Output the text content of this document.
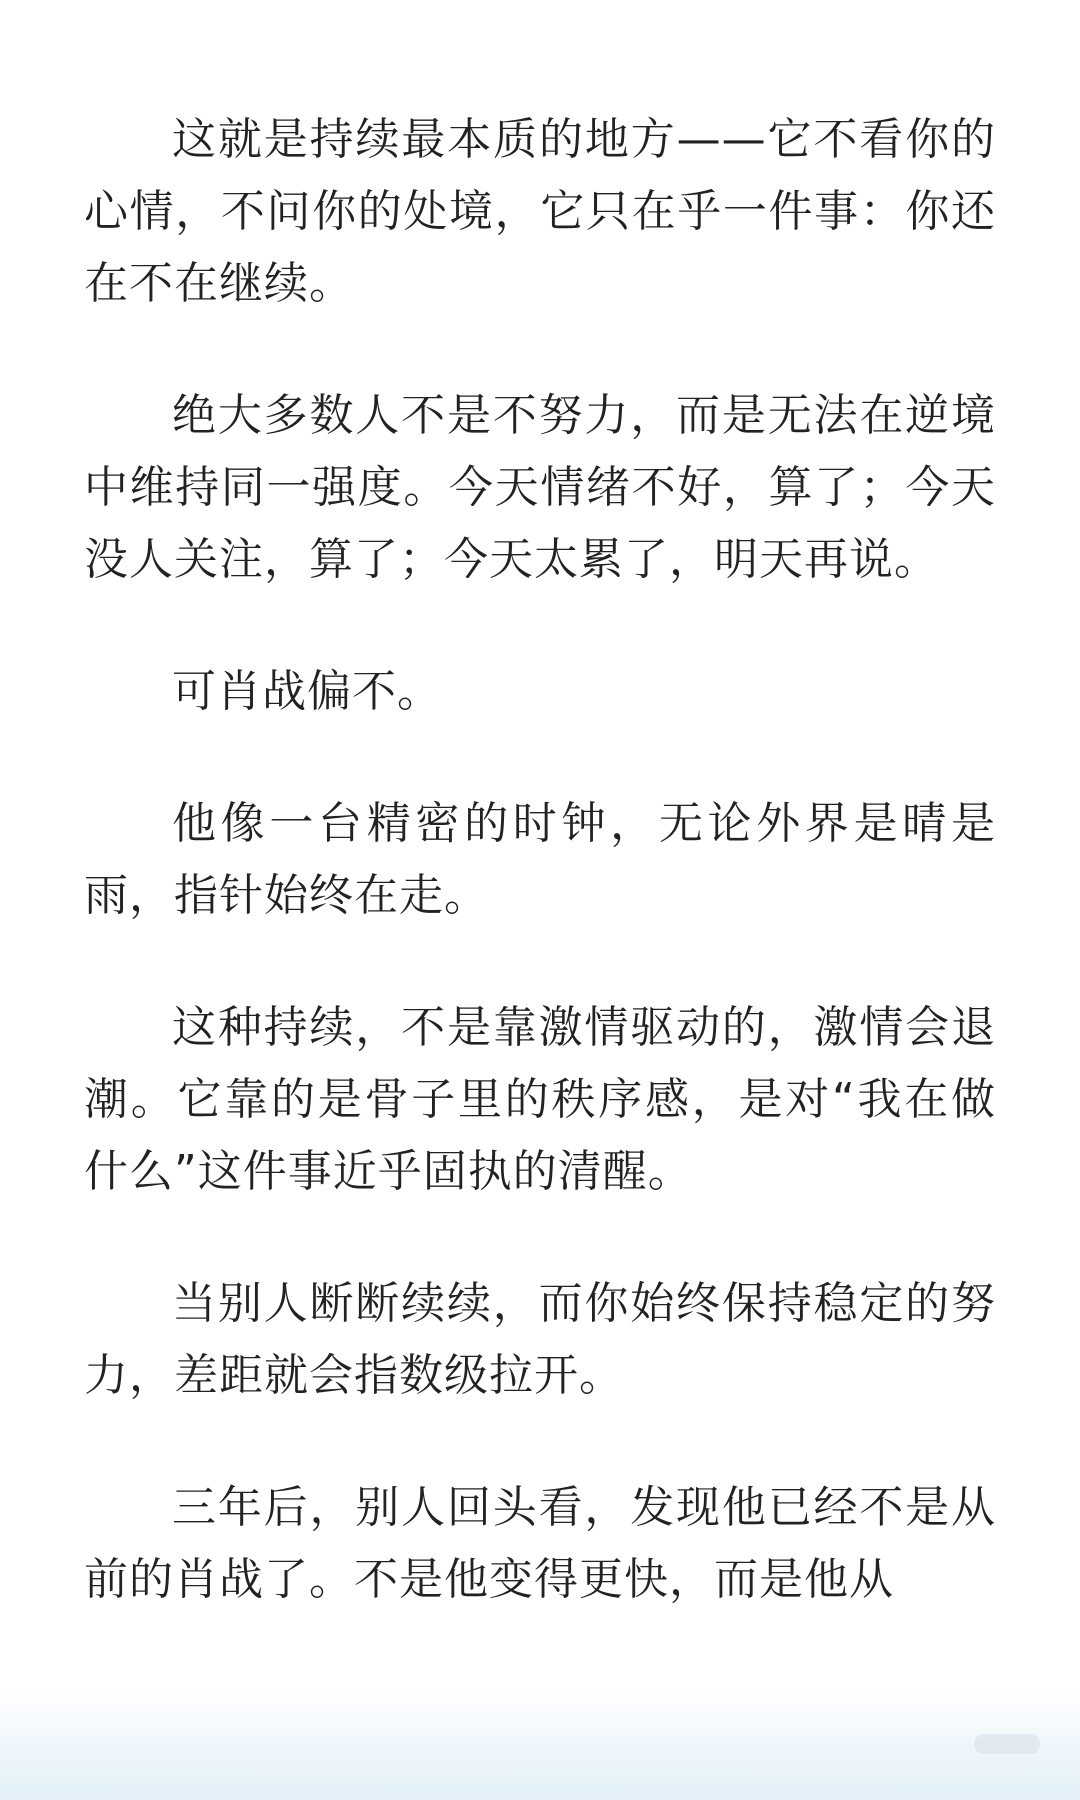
这就是持续最本质的地方——它不看你的心情，不问你的处境，它只在乎一件事：你还在不在继续。

绝大多数人不是不努力，而是无法在逆境中维持同一强度。今天情绪不好，算了；今天没人关注，算了；今天太累了，明天再说。

可肖战偏不。

他像一台精密的时钟，无论外界是晴是雨，指针始终在走。

这种持续，不是靠激情驱动的，激情会退潮。它靠的是骨子里的秩序感，是对“我在做什么”这件事近乎固执的清醒。

当别人断断续续，而你始终保持稳定的努力，差距就会指数级拉开。

三年后，别人回头看，发现他已经不是从前的肖战了。不是他变得更快，而是他从
